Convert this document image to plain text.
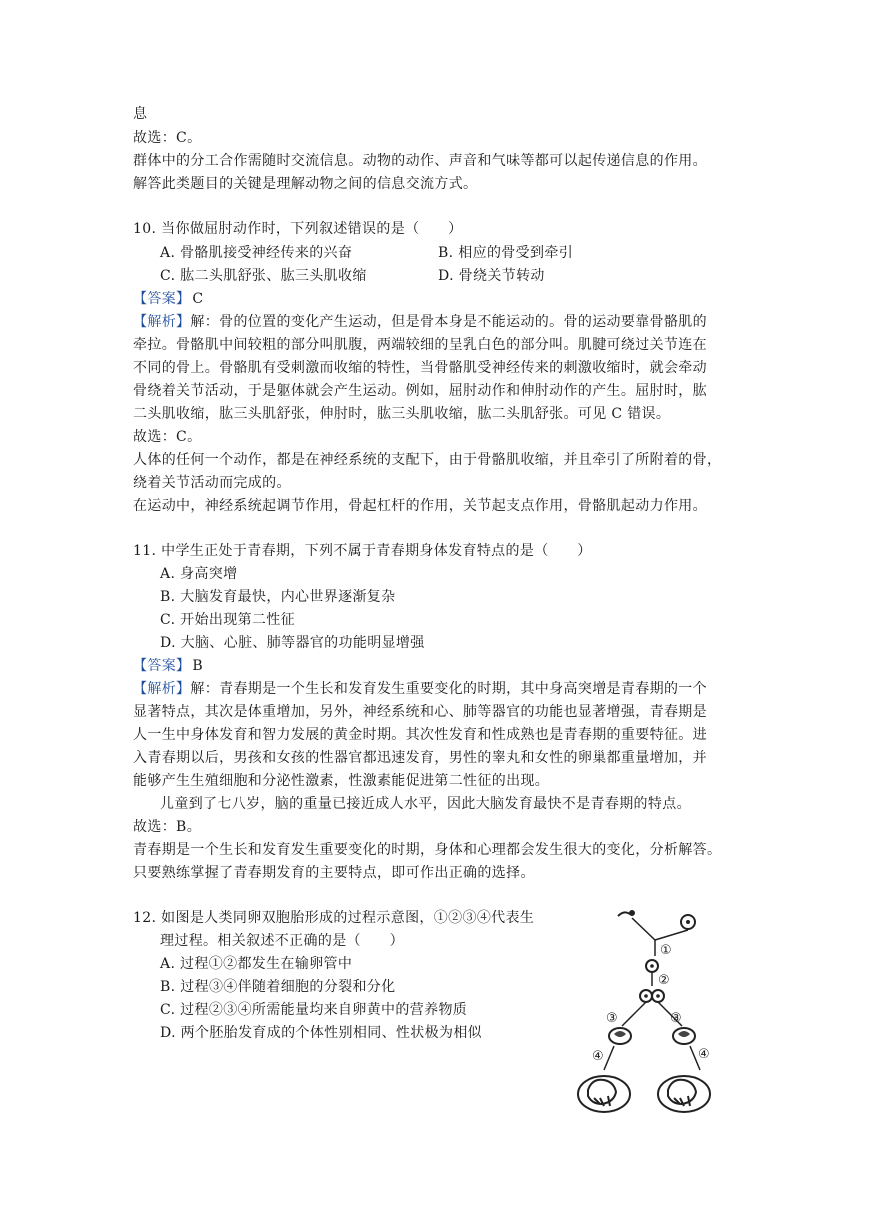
息
故选：C。
群体中的分工合作需随时交流信息。动物的动作、声音和气味等都可以起传递信息的作用。
解答此类题目的关键是理解动物之间的信息交流方式。
10. 当你做屈肘动作时，下列叙述错误的是（　　）
A. 骨骼肌接受神经传来的兴奋	B. 相应的骨受到牵引
C. 肱二头肌舒张、肱三头肌收缩	D. 骨绕关节转动
【答案】 C
【解析】解：骨的位置的变化产生运动，但是骨本身是不能运动的。骨的运动要靠骨骼肌的
牵拉。骨骼肌中间较粗的部分叫肌腹，两端较细的呈乳白色的部分叫。肌腱可绕过关节连在
不同的骨上。骨骼肌有受刺激而收缩的特性，当骨骼肌受神经传来的刺激收缩时，就会牵动
骨绕着关节活动，于是躯体就会产生运动。例如，屈肘动作和伸肘动作的产生。屈肘时，肱
二头肌收缩，肱三头肌舒张，伸肘时，肱三头肌收缩，肱二头肌舒张。可见 C 错误。
故选：C。
人体的任何一个动作，都是在神经系统的支配下，由于骨骼肌收缩，并且牵引了所附着的骨，
绕着关节活动而完成的。
在运动中，神经系统起调节作用，骨起杠杆的作用，关节起支点作用，骨骼肌起动力作用。
11. 中学生正处于青春期，下列不属于青春期身体发育特点的是（　　）
A. 身高突增
B. 大脑发育最快，内心世界逐渐复杂
C. 开始出现第二性征
D. 大脑、心脏、肺等器官的功能明显增强
【答案】 B
【解析】解：青春期是一个生长和发育发生重要变化的时期，其中身高突增是青春期的一个
显著特点，其次是体重增加，另外，神经系统和心、肺等器官的功能也显著增强，青春期是
人一生中身体发育和智力发展的黄金时期。其次性发育和性成熟也是青春期的重要特征。进
入青春期以后，男孩和女孩的性器官都迅速发育，男性的睾丸和女性的卵巢都重量增加，并
能够产生生殖细胞和分泌性激素，性激素能促进第二性征的出现。
儿童到了七八岁，脑的重量已接近成人水平，因此大脑发育最快不是青春期的特点。
故选：B。
青春期是一个生长和发育发生重要变化的时期，身体和心理都会发生很大的变化，分析解答。
只要熟练掌握了青春期发育的主要特点，即可作出正确的选择。
12. 如图是人类同卵双胞胎形成的过程示意图，①②③④代表生
理过程。相关叙述不正确的是（　　）
A. 过程①②都发生在输卵管中
B. 过程③④伴随着细胞的分裂和分化
C. 过程②③④所需能量均来自卵黄中的营养物质
D. 两个胚胎发育成的个体性别相同、性状极为相似
①
②
③	③
④	④
